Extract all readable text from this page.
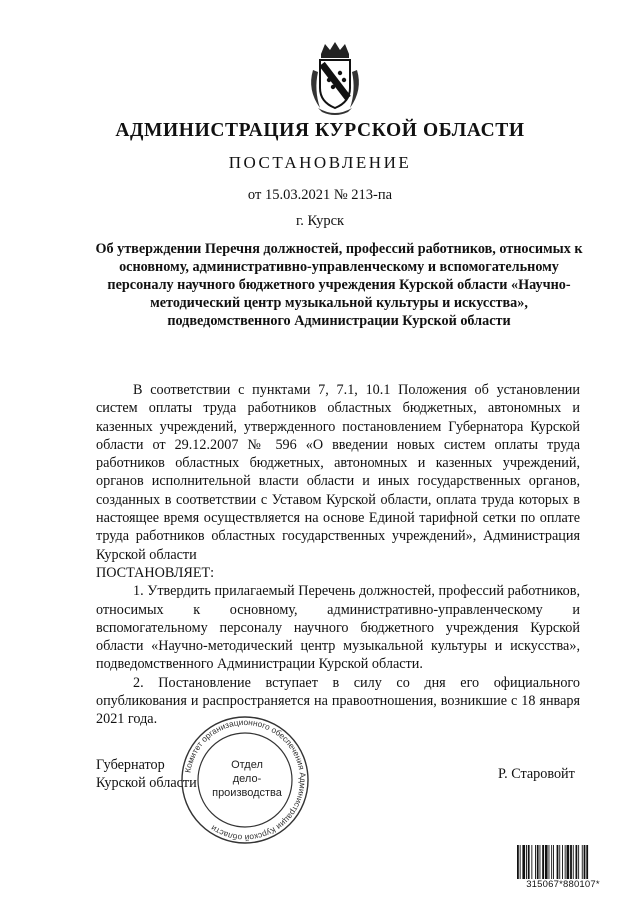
АДМИНИСТРАЦИЯ КУРСКОЙ ОБЛАСТИ
ПОСТАНОВЛЕНИЕ
от 15.03.2021 № 213-па
г. Курск
Об утверждении Перечня должностей, профессий работников, относимых к основному, административно-управленческому и вспомогательному персоналу научного бюджетного учреждения Курской области «Научно-методический центр музыкальной культуры и искусства», подведомственного Администрации Курской области

В соответствии с пунктами 7, 7.1, 10.1 Положения об установлении систем оплаты труда работников областных бюджетных, автономных и казенных учреждений, утвержденного постановлением Губернатора Курской области от 29.12.2007 № 596 «О введении новых систем оплаты труда работников областных бюджетных, автономных и казенных учреждений, органов исполнительной власти области и иных государственных органов, созданных в соответствии с Уставом Курской области, оплата труда которых в настоящее время осуществляется на основе Единой тарифной сетки по оплате труда работников областных государственных учреждений», Администрация Курской области

ПОСТАНОВЛЯЕТ:

1. Утвердить прилагаемый Перечень должностей, профессий работников, относимых к основному, административно-управленческому и вспомогательному персоналу научного бюджетного учреждения Курской области «Научно-методический центр музыкальной культуры и искусства», подведомственного Администрации Курской области.

2. Постановление вступает в силу со дня его официального опубликования и распространяется на правоотношения, возникшие с 18 января 2021 года.

Комитет организационного обеспечения Администрации Курской области
Отдел
дело-
производства
Губернатор
Курской области
Р. Старовойт
315067*880107*
